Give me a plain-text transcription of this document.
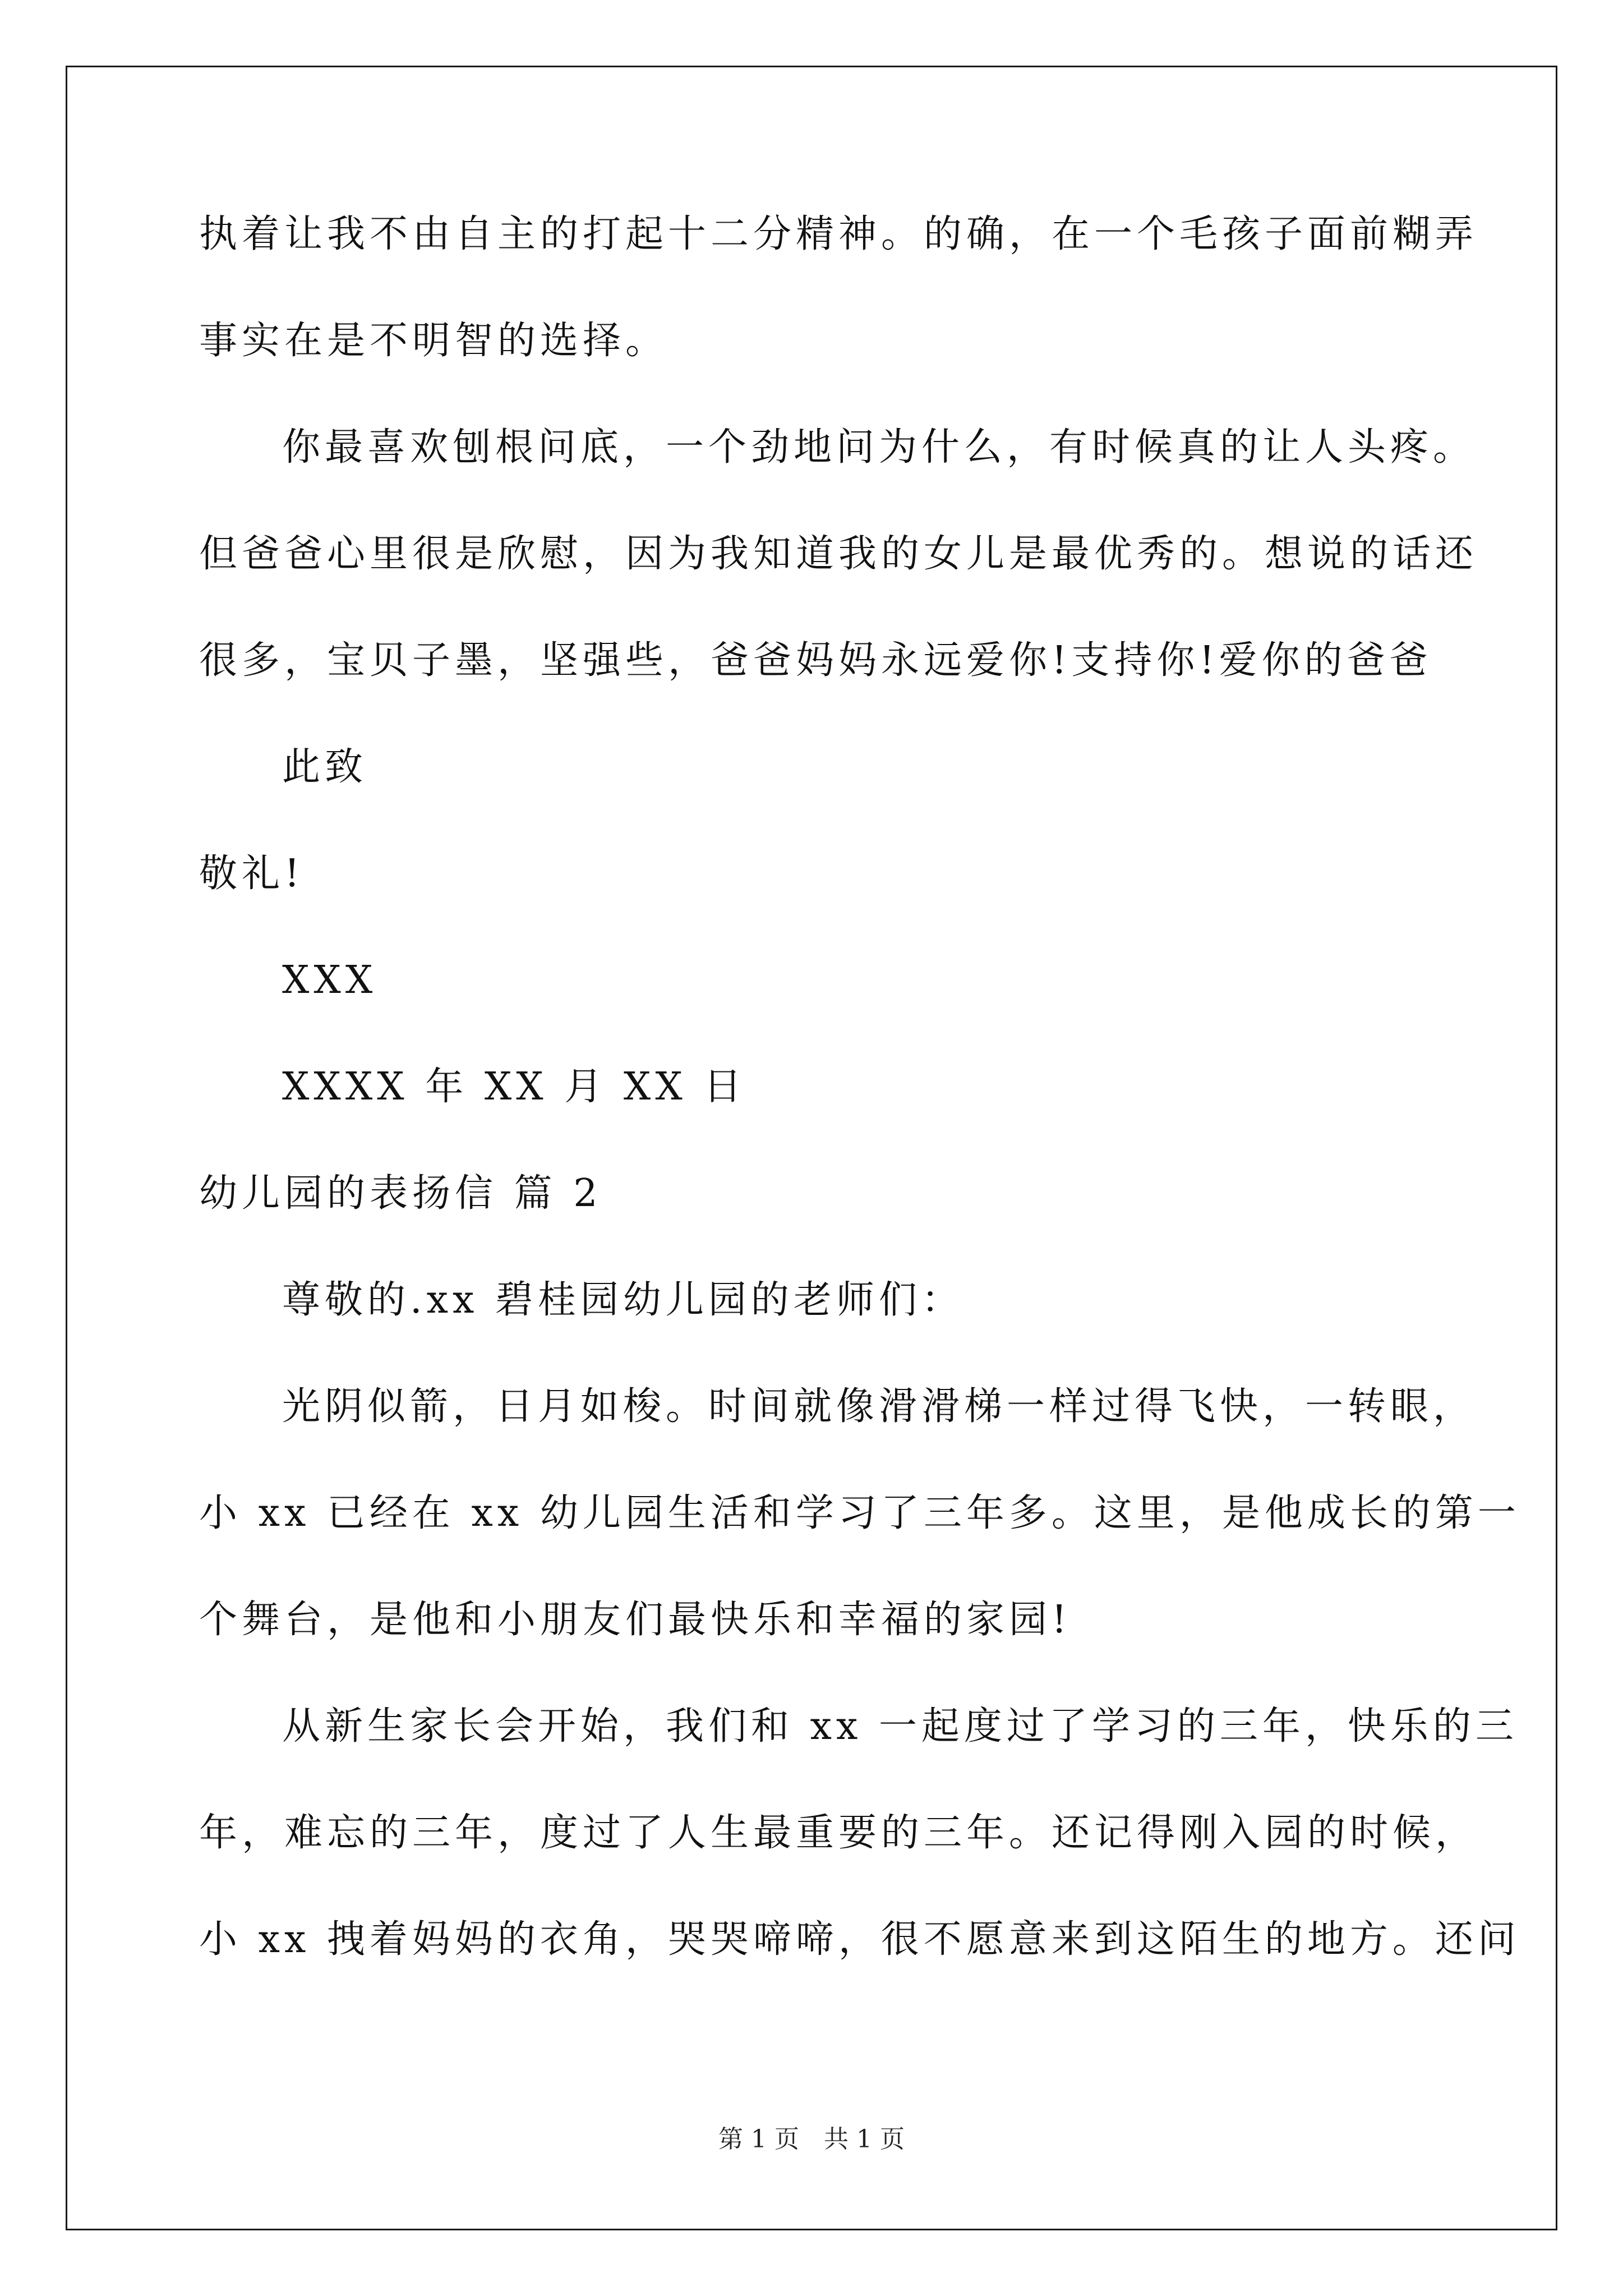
执着让我不由自主的打起十二分精神。的确，在一个毛孩子面前糊弄
事实在是不明智的选择。
你最喜欢刨根问底，一个劲地问为什么，有时候真的让人头疼。
但爸爸心里很是欣慰，因为我知道我的女儿是最优秀的。想说的话还
很多，宝贝子墨，坚强些，爸爸妈妈永远爱你!支持你!爱你的爸爸
此致
敬礼!
XXX
XXXX 年 XX 月 XX 日
幼儿园的表扬信 篇 2
尊敬的.xx 碧桂园幼儿园的老师们：
光阴似箭，日月如梭。时间就像滑滑梯一样过得飞快，一转眼，
小 xx 已经在 xx 幼儿园生活和学习了三年多。这里，是他成长的第一
个舞台，是他和小朋友们最快乐和幸福的家园!
从新生家长会开始，我们和 xx 一起度过了学习的三年，快乐的三
年，难忘的三年，度过了人生最重要的三年。还记得刚入园的时候，
小 xx 拽着妈妈的衣角，哭哭啼啼，很不愿意来到这陌生的地方。还问
第 1 页　共 1 页
